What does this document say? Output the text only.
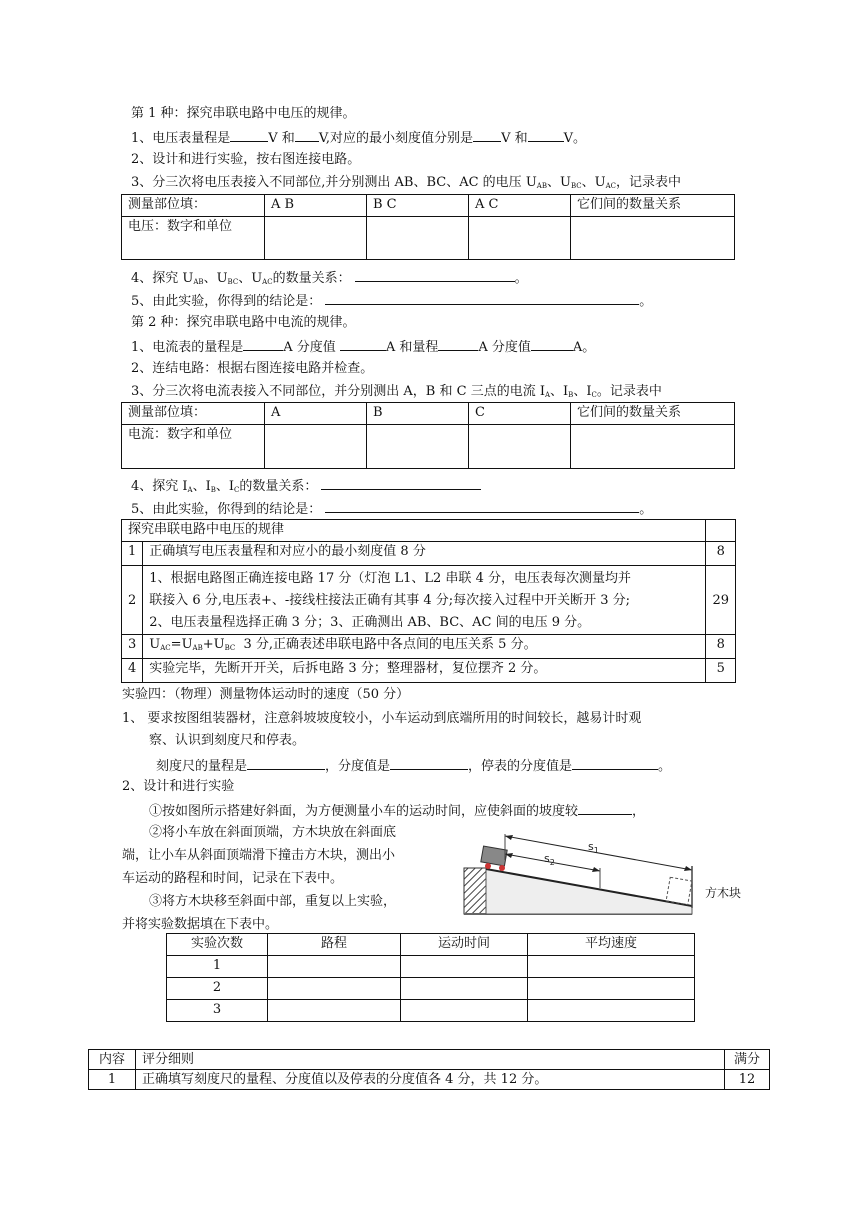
第 1 种：探究串联电路中电压的规律。
1、电压表量程是	V 和 V,对应的最小刻度值分别是 V 和	V。
2、设计和进行实验，按右图连接电路。
3、分三次将电压表接入不同部位,并分别测出 AB、BC、AC 的电压 $U_{AB}$、$U_{BC}$、$U_{AC}$，记录表中
测量部位填：	A B	B C	A C	它们间的数量关系
电压：数字和单位				
4、探究 $U_{AB}$、$U_{BC}$、$U_{AC}$的数量关系：	。
5、由此实验，你得到的结论是：	。
第 2 种：探究串联电路中电流的规律。
1、电流表的量程是	A 分度值	A 和量程	A 分度值	A。
2、连结电路：根据右图连接电路并检查。
3、分三次将电流表接入不同部位，并分别测出 A，B 和 C 三点的电流 $I_A$、$I_B$、$I_C$。记录表中
测量部位填：	A	B	C	它们间的数量关系
电流：数字和单位				
4、探究 $I_A$、$I_B$、$I_C$的数量关系：
5、由此实验，你得到的结论是：	。
探究串联电路中电压的规律		
1	正确填写电压表量程和对应小的最小刻度值 8 分	8
2	1、根据电路图正确连接电路 17 分（灯泡 L1、L2 串联 4 分，电压表每次测量均并
联接入 6 分,电压表+、-接线柱接法正确有其事 4 分;每次接入过程中开关断开 3 分;
2、电压表量程选择正确 3 分；3、正确测出 AB、BC、AC 间的电压 9 分。	29
3	$U_{AC}=U_{AB}+U_{BC}$ 3 分,正确表述串联电路中各点间的电压关系 5 分。	8
4	实验完毕，先断开开关，后拆电路 3 分；整理器材，复位摆齐 2 分。	5
实验四：（物理）测量物体运动时的速度（50 分）
1、 要求按图组装器材，注意斜坡坡度较小，小车运动到底端所用的时间较长，越易计时观
察、认识到刻度尺和停表。
刻度尺的量程是	，分度值是	，停表的分度值是	。
2、设计和进行实验
①按如图所示搭建好斜面，为方便测量小车的运动时间，应使斜面的坡度较	，
②将小车放在斜面顶端，方木块放在斜面底
端，让小车从斜面顶端滑下撞击方木块，测出小
车运动的路程和时间，记录在下表中。
③将方木块移至斜面中部，重复以上实验，
并将实验数据填在下表中。
$s_1$
$s_2$
方木块
实验次数	路程	运动时间	平均速度
1			
2			
3			
内容	评分细则	满分
1	正确填写刻度尺的量程、分度值以及停表的分度值各 4 分，共 12 分。	12
